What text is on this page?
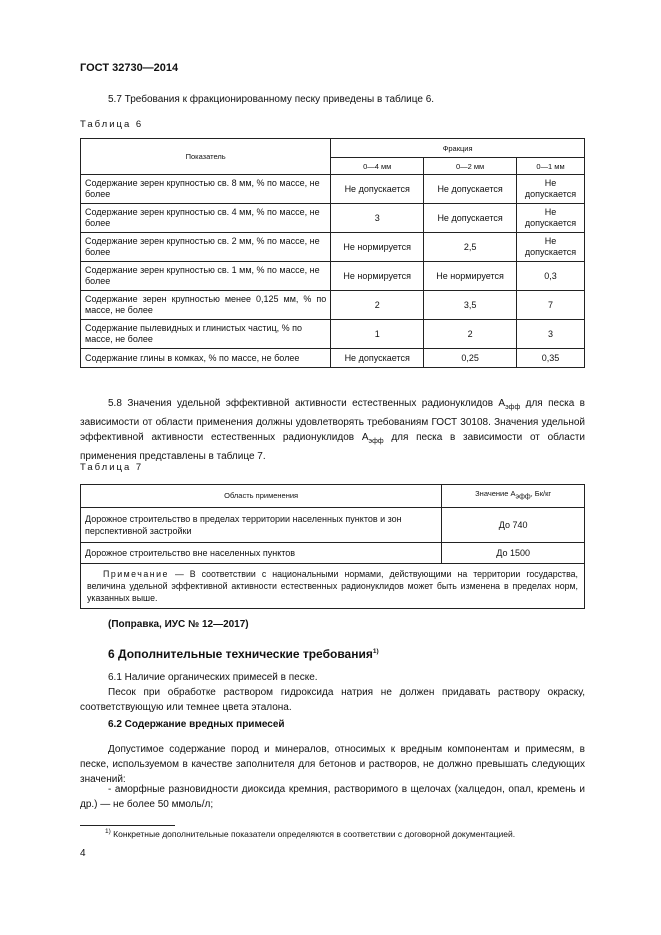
ГОСТ 32730—2014
5.7 Требования к фракционированному песку приведены в таблице 6.
Таблица 6
Показатель	Фракция		
	0—4 мм	0—2 мм	0—1 мм
Содержание зерен крупностью св. 8 мм, % по массе, не более	Не допускается	Не допускается	Не допускается
Содержание зерен крупностью св. 4 мм, % по массе, не более	3	Не допускается	Не допускается
Содержание зерен крупностью св. 2 мм, % по массе, не более	Не нормируется	2,5	Не допускается
Содержание зерен крупностью св. 1 мм, % по массе, не более	Не нормируется	Не нормируется	0,3
Содержание зерен крупностью менее 0,125 мм, % по массе, не более	2	3,5	7
Содержание пылевидных и глинистых частиц, % по массе, не более	1	2	3
Содержание глины в комках, % по массе, не более	Не допускается	0,25	0,35
5.8 Значения удельной эффективной активности естественных радионуклидов $А_{эфф}$ для песка в зависимости от области применения должны удовлетворять требованиям ГОСТ 30108. Значения удельной эффективной активности естественных радионуклидов $А_{эфф}$ для песка в зависимости от области применения представлены в таблице 7.
Таблица 7
Область применения	Значение $А_{эфф}$, Бк/кг
Дорожное строительство в пределах территории населенных пунктов и зон перспективной застройки	До 740
Дорожное строительство вне населенных пунктов	До 1500
Примечание — В соответствии с национальными нормами, действующими на территории государства, величина удельной эффективной активности естественных радионуклидов может быть изменена в пределах норм, указанных выше.	
(Поправка, ИУС № 12—2017)
6 Дополнительные технические требования$^{1)}$
6.1 Наличие органических примесей в песке.
Песок при обработке раствором гидроксида натрия не должен придавать раствору окраску, соответствующую или темнее цвета эталона.
6.2 Содержание вредных примесей
Допустимое содержание пород и минералов, относимых к вредным компонентам и примесям, в песке, используемом в качестве заполнителя для бетонов и растворов, не должно превышать следующих значений:
- аморфные разновидности диоксида кремния, растворимого в щелочах (халцедон, опал, кремень и др.) — не более 50 ммоль/л;
$^{1)}$ Конкретные дополнительные показатели определяются в соответствии с договорной документацией.
4
